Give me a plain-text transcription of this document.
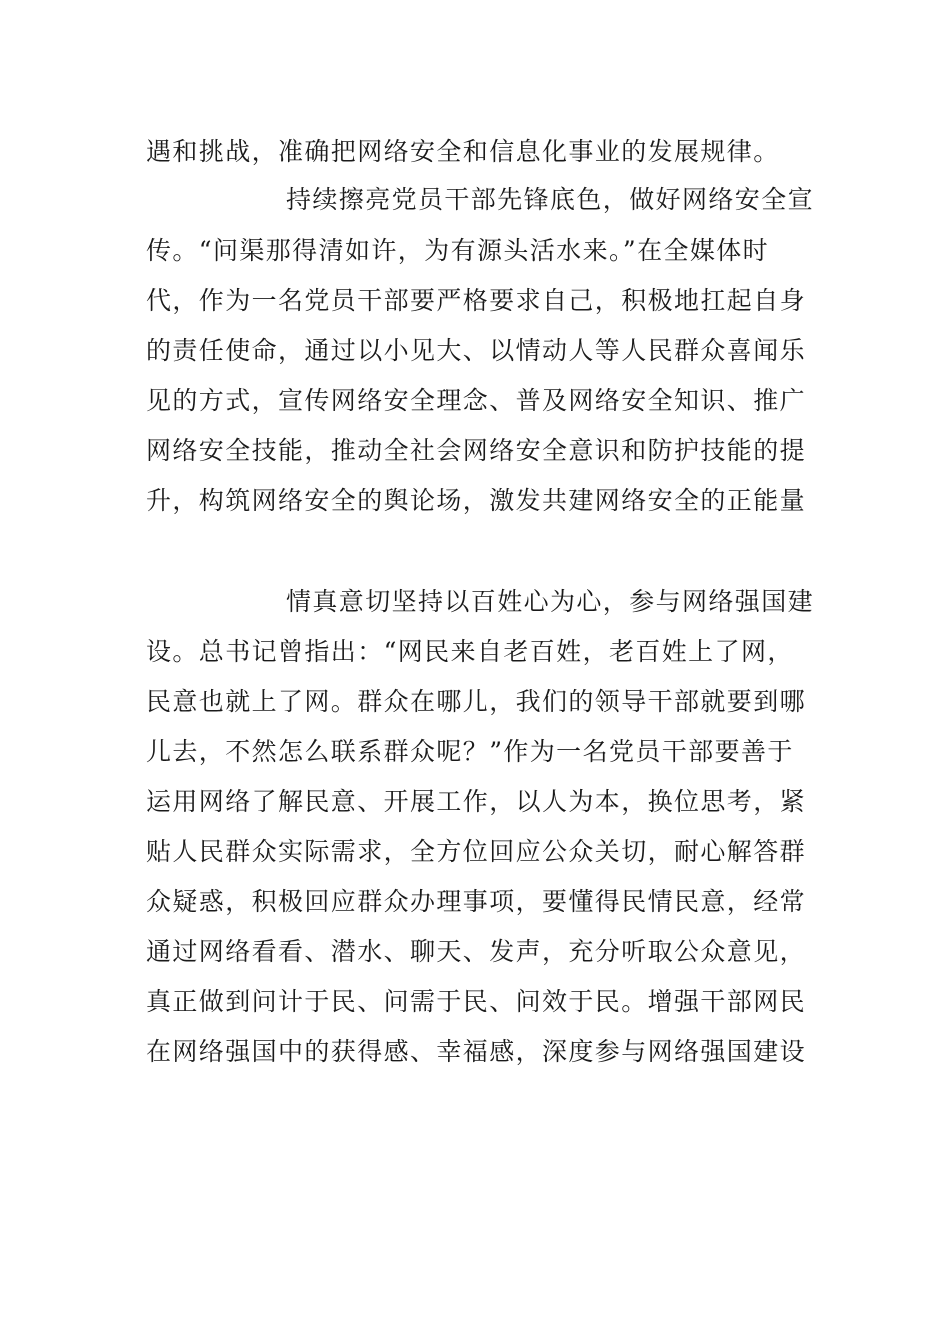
遇和挑战，准确把网络安全和信息化事业的发展规律。
持续擦亮党员干部先锋底色，做好网络安全宣
传。“问渠那得清如许，为有源头活水来。”在全媒体时
代，作为一名党员干部要严格要求自己，积极地扛起自身
的责任使命，通过以小见大、以情动人等人民群众喜闻乐
见的方式，宣传网络安全理念、普及网络安全知识、推广
网络安全技能，推动全社会网络安全意识和防护技能的提
升，构筑网络安全的舆论场，激发共建网络安全的正能量
情真意切坚持以百姓心为心，参与网络强国建
设。总书记曾指出：“网民来自老百姓，老百姓上了网，
民意也就上了网。群众在哪儿，我们的领导干部就要到哪
儿去，不然怎么联系群众呢？”作为一名党员干部要善于
运用网络了解民意、开展工作，以人为本，换位思考，紧
贴人民群众实际需求，全方位回应公众关切，耐心解答群
众疑惑，积极回应群众办理事项，要懂得民情民意，经常
通过网络看看、潜水、聊天、发声，充分听取公众意见，
真正做到问计于民、问需于民、问效于民。增强干部网民
在网络强国中的获得感、幸福感，深度参与网络强国建设
